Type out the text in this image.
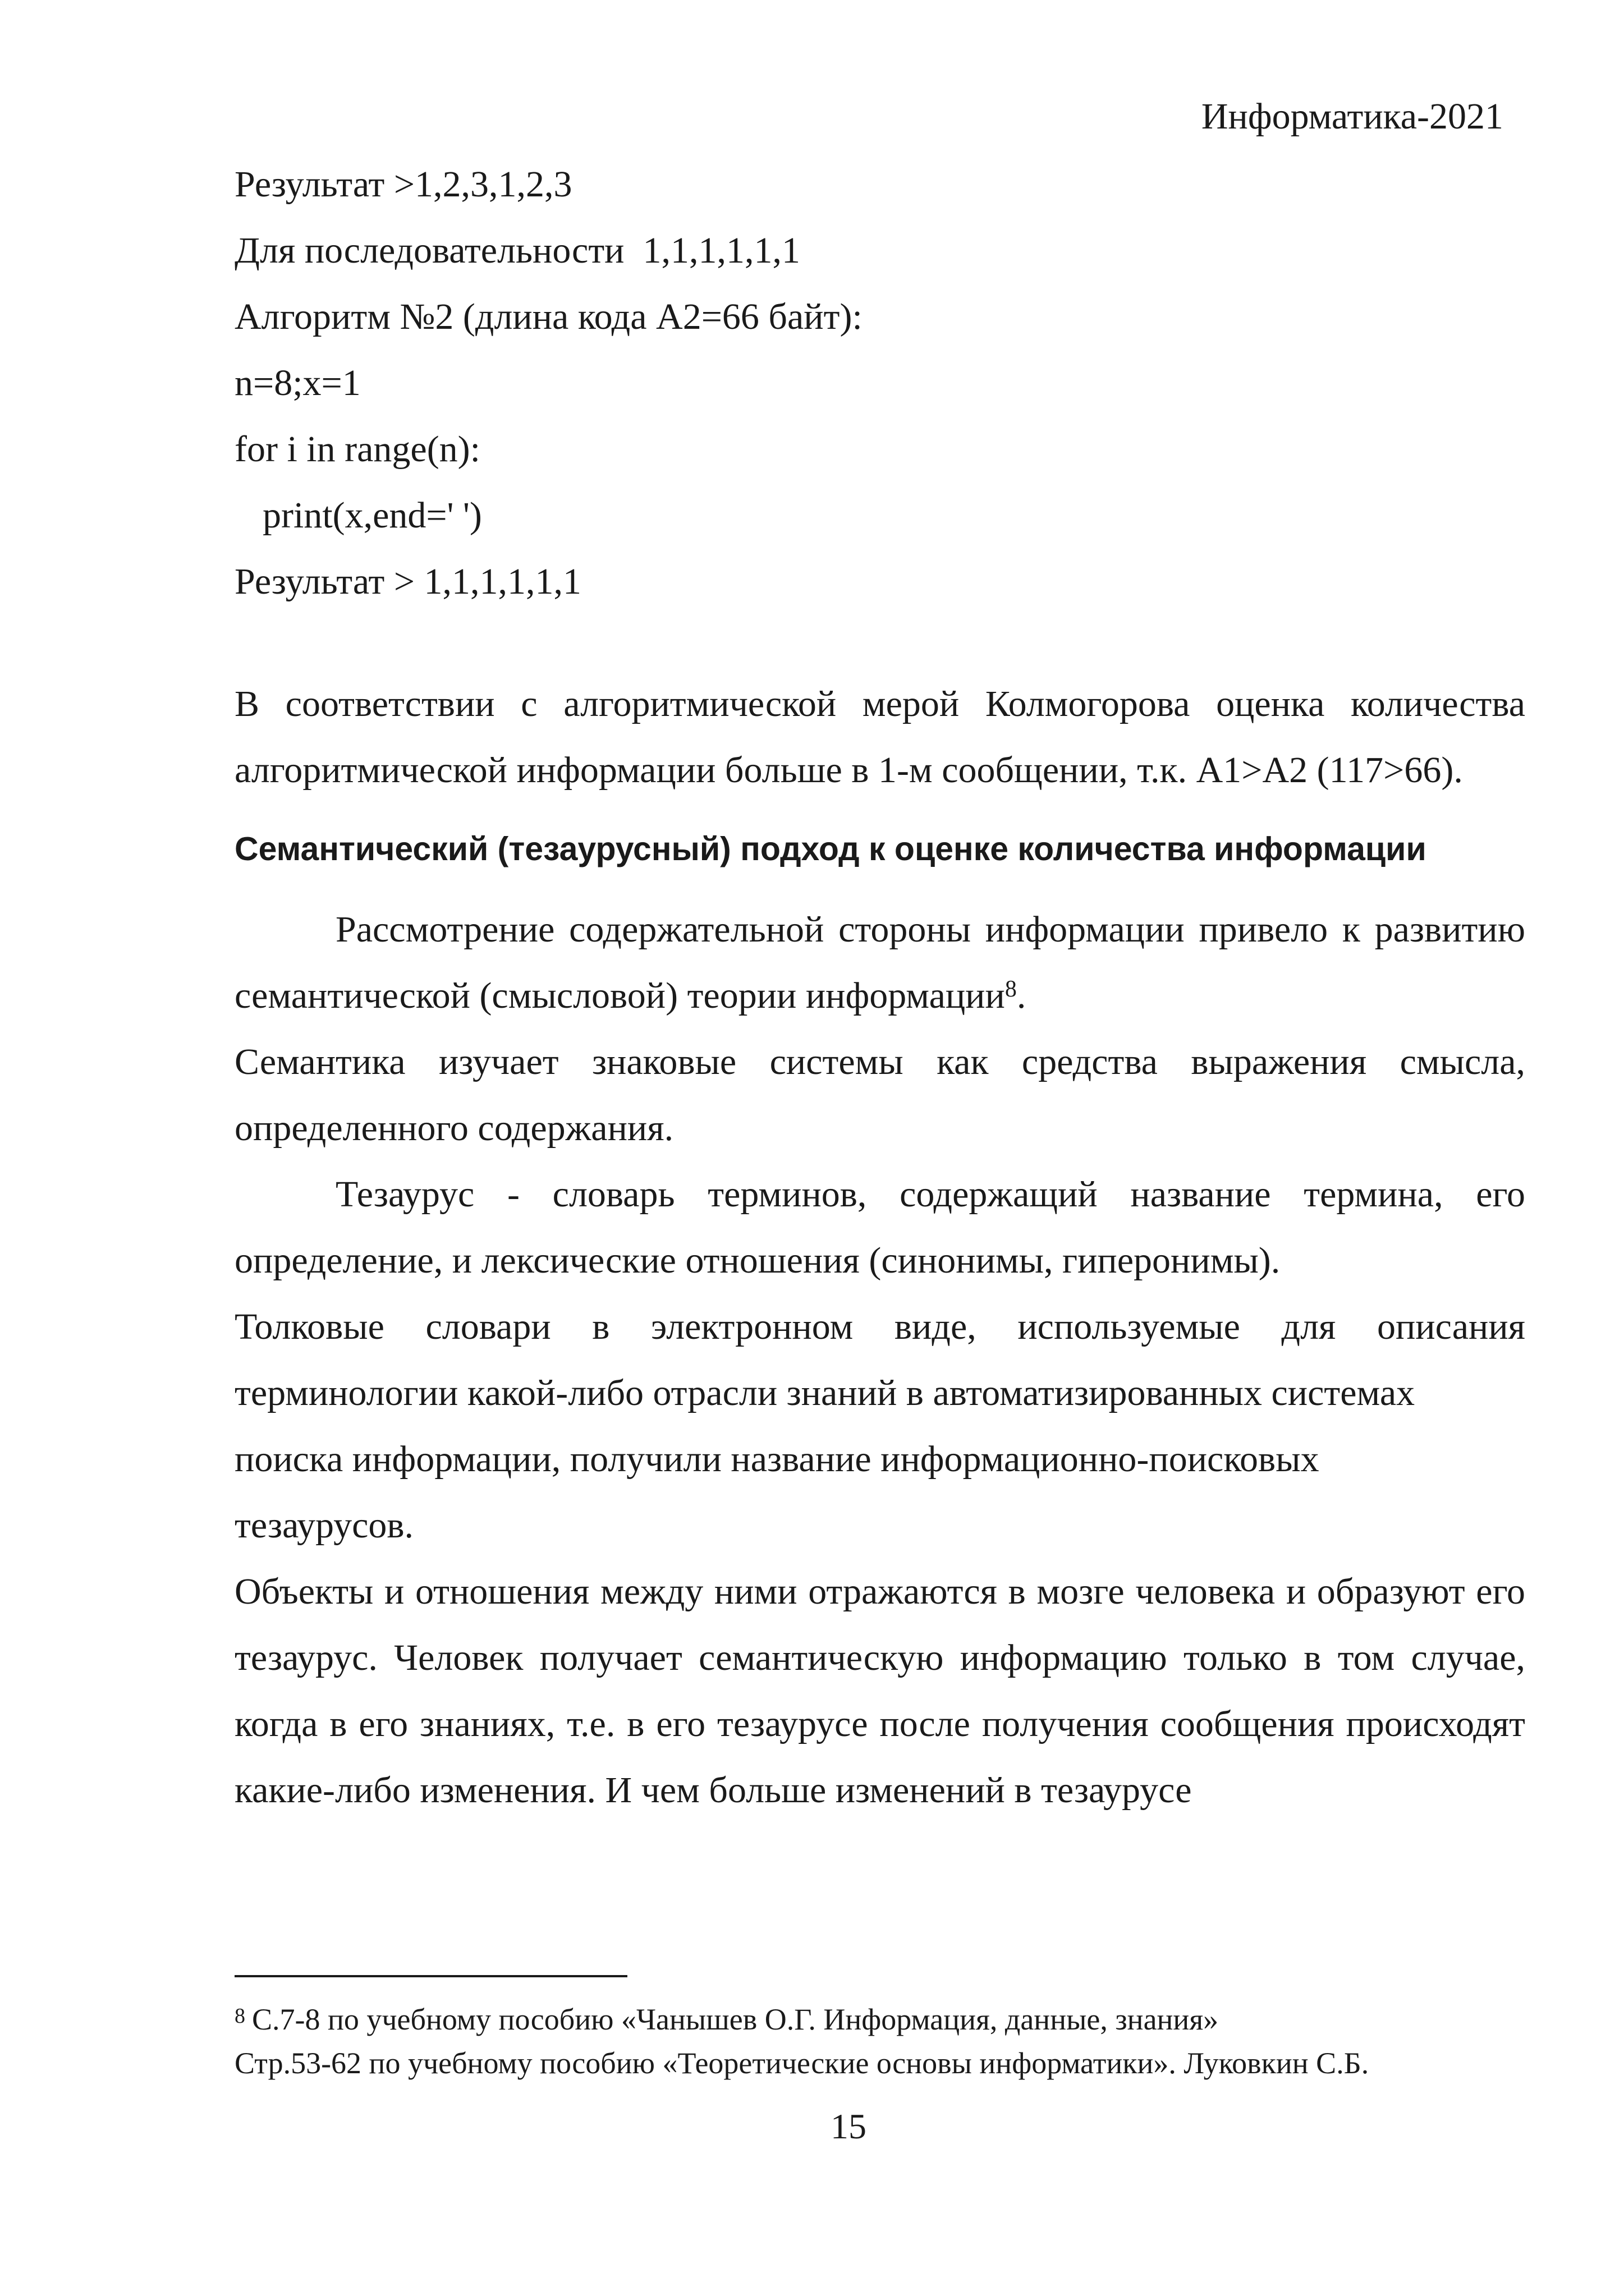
Информатика-2021
Результат >1,2,3,1,2,3
Для последовательности  1,1,1,1,1,1
Алгоритм №2 (длина кода А2=66 байт):
n=8;x=1
for i in range(n):
print(x,end=' ')
Результат > 1,1,1,1,1,1

В соответствии с алгоритмической мерой Колмогорова оценка количества алгоритмической информации больше в 1-м сообщении, т.к. A1>A2 (117>66).

Семантический (тезаурусный) подход к оценке количества информации

Рассмотрение содержательной стороны информации привело к развитию семантической (смысловой) теории информации$^8$.

Семантика изучает знаковые системы как средства выражения смысла, определенного содержания.

Тезаурус - словарь терминов, содержащий название термина, его определение, и лексические отношения (синонимы, гиперонимы).

Толковые словари в электронном виде, используемые для описания терминологии какой-либо отрасли знаний в автоматизированных системах

поиска информации, получили название информационно-поисковых
тезаурусов.

Объекты и отношения между ними отражаются в мозге человека и образуют его тезаурус. Человек получает семантическую информацию только в том случае, когда в его знаниях, т.е. в его тезаурусе после получения сообщения происходят какие-либо изменения. И чем больше изменений в тезаурусе

$^8$ С.7-8 по учебному пособию «Чанышев О.Г. Информация, данные, знания»
Стр.53-62 по учебному пособию «Теоретические основы информатики». Луковкин С.Б.
15
